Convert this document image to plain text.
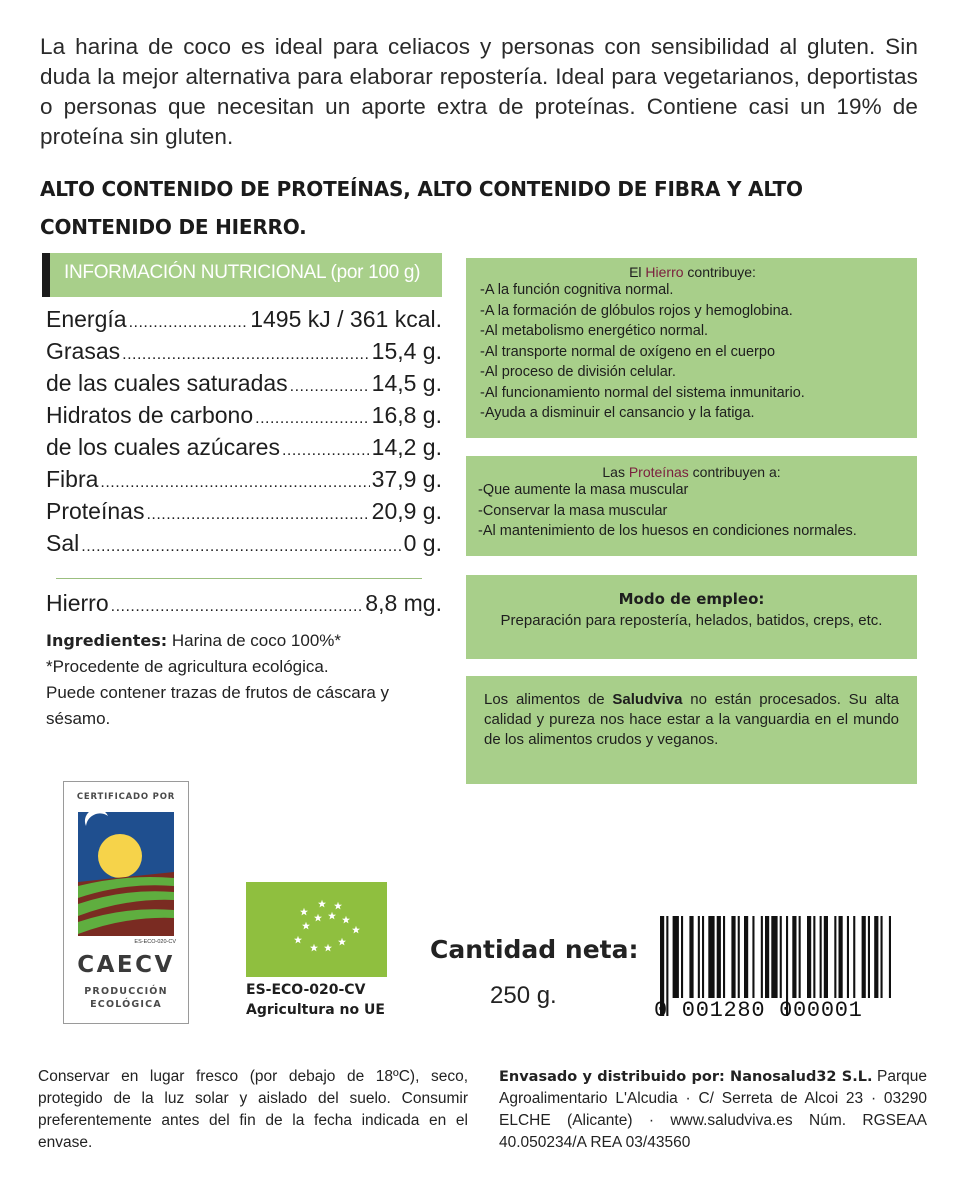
La harina de coco es ideal para celiacos y personas con sensibilidad al gluten. Sin duda la mejor alternativa para elaborar repostería. Ideal para vegetarianos, deportistas o personas que necesitan un aporte extra de proteínas. Contiene casi un 19% de proteína sin gluten.
ALTO CONTENIDO DE PROTEÍNAS, ALTO CONTENIDO DE FIBRA Y ALTO CONTENIDO DE HIERRO.
INFORMACIÓN NUTRICIONAL (por 100 g)
Energía .....	1495 kJ / 361 kcal.
Grasas .....	15,4 g.
de las cuales saturadas .....	14,5 g.
Hidratos de carbono .....	16,8 g.
de los cuales azúcares .....	14,2 g.
Fibra .....	37,9 g.
Proteínas .....	20,9 g.
Sal .....	0 g.
Hierro .....	8,8 mg.
Ingredientes: Harina de coco 100%*
*Procedente de agricultura ecológica.
Puede contener trazas de frutos de cáscara y sésamo.
El Hierro contribuye:
-A la función cognitiva normal.
-A la formación de glóbulos rojos y hemoglobina.
-Al metabolismo energético normal.
-Al transporte normal de oxígeno en el cuerpo
-Al proceso de división celular.
-Al funcionamiento normal del sistema inmunitario.
-Ayuda a disminuir el cansancio y la fatiga.
Las Proteínas contribuyen a:
-Que aumente la masa muscular
-Conservar la masa muscular
-Al mantenimiento de los huesos en condiciones normales.
Modo de empleo:
Preparación para repostería, helados, batidos, creps, etc.
Los alimentos de Saludviva no están procesados. Su alta calidad y pureza nos hace estar a la vanguardia en el mundo de los alimentos crudos y veganos.
CERTIFICADO POR
ES-ECO-020-CV
CAECV
PRODUCCIÓN
ECOLÓGICA
ES-ECO-020-CV
Agricultura no UE
Cantidad neta:
250 g.
0 001280 000001
Conservar en lugar fresco (por debajo de 18ºC), seco, protegido de la luz solar y aislado del suelo. Consumir preferentemente antes del fin de la fecha indicada en el envase.
Envasado y distribuido por: Nanosalud32 S.L. Parque Agroalimentario L'Alcudia · C/ Serreta de Alcoi 23 · 03290 ELCHE (Alicante) · www.saludviva.es Núm. RGSEAA 40.050234/A REA 03/43560
